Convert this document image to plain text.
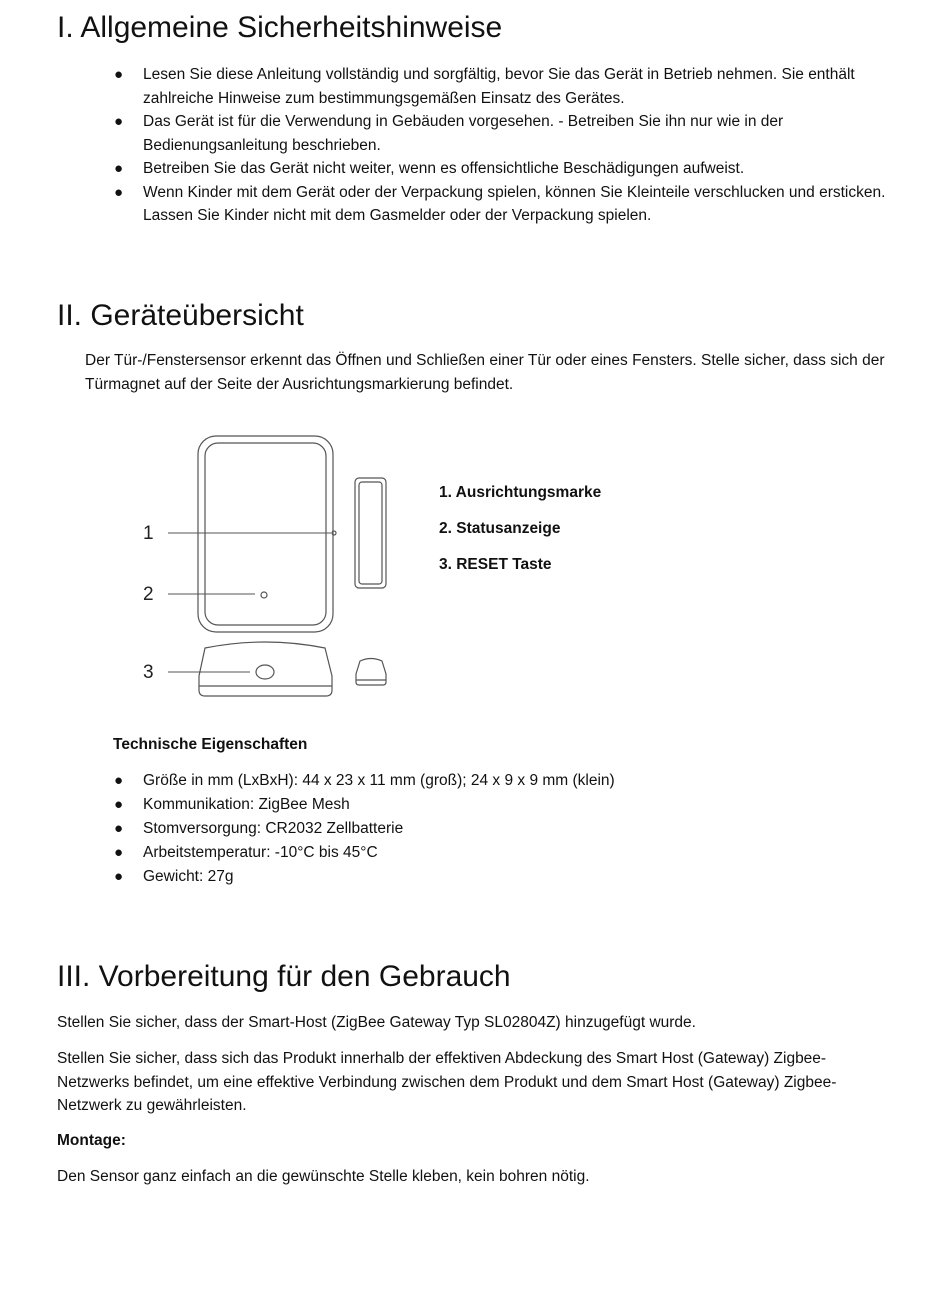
I. Allgemeine Sicherheitshinweise
● Lesen Sie diese Anleitung vollständig und sorgfältig, bevor Sie das Gerät in Betrieb nehmen. Sie enthält zahlreiche Hinweise zum bestimmungsgemäßen Einsatz des Gerätes.
● Das Gerät ist für die Verwendung in Gebäuden vorgesehen. - Betreiben Sie ihn nur wie in der Bedienungsanleitung beschrieben.
● Betreiben Sie das Gerät nicht weiter, wenn es offensichtliche Beschädigungen aufweist.
● Wenn Kinder mit dem Gerät oder der Verpackung spielen, können Sie Kleinteile verschlucken und ersticken. Lassen Sie Kinder nicht mit dem Gasmelder oder der Verpackung spielen.
II. Geräteübersicht

Der Tür-/Fenstersensor erkennt das Öffnen und Schließen einer Tür oder eines Fensters. Stelle sicher, dass sich der Türmagnet auf der Seite der Ausrichtungsmarkierung befindet.

1
2
3

1. Ausrichtungsmarke

2. Statusanzeige

3. RESET Taste

Technische Eigenschaften

● Größe in mm (LxBxH): 44 x 23 x 11 mm (groß); 24 x 9 x 9 mm (klein)
● Kommunikation: ZigBee Mesh
● Stomversorgung: CR2032 Zellbatterie
● Arbeitstemperatur: -10°C bis 45°C
● Gewicht: 27g
III. Vorbereitung für den Gebrauch

Stellen Sie sicher, dass der Smart-Host (ZigBee Gateway Typ SL02804Z) hinzugefügt wurde.

Stellen Sie sicher, dass sich das Produkt innerhalb der effektiven Abdeckung des Smart Host (Gateway) Zigbee-Netzwerks befindet, um eine effektive Verbindung zwischen dem Produkt und dem Smart Host (Gateway) Zigbee-Netzwerk zu gewährleisten.

Montage:

Den Sensor ganz einfach an die gewünschte Stelle kleben, kein bohren nötig.
